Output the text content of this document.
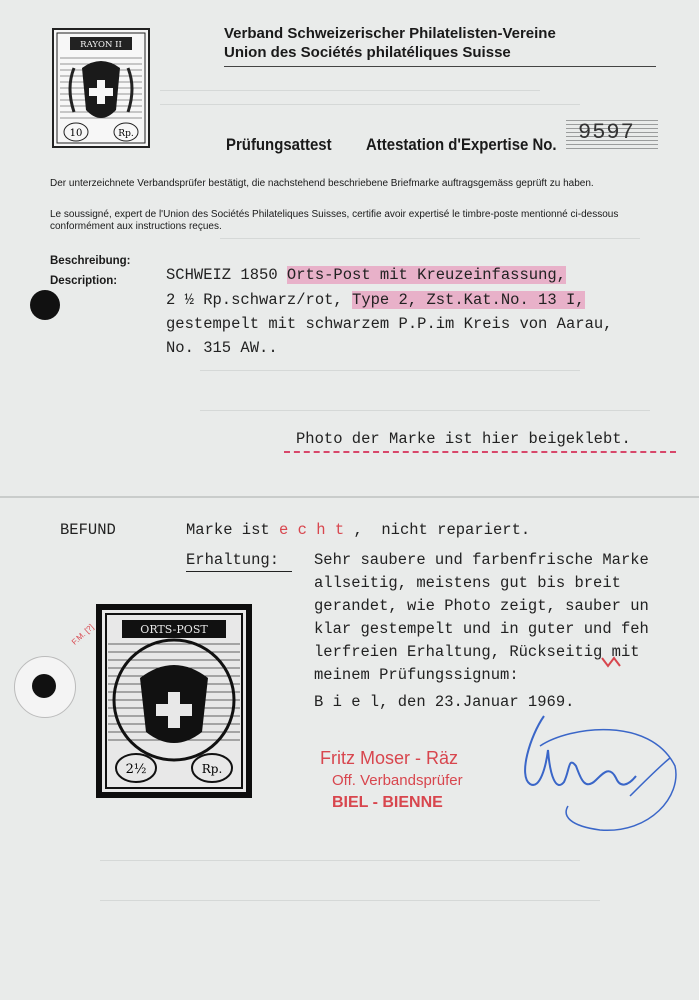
RAYON II
10	Rp.
Verband Schweizerischer Philatelisten-Vereine
Union des Sociétés philatéliques Suisse
Prüfungsattest Attestation d'Expertise No. 9597
Der unterzeichnete Verbandsprüfer bestätigt, die nachstehend beschriebene Briefmarke auftragsgemäss geprüft zu haben.
Le soussigné, expert de l'Union des Sociétés Philateliques Suisses, certifie avoir expertisé le timbre-poste mentionné ci-dessous conformément aux instructions reçues.
Beschreibung:
Description:	SCHWEIZ 1850 Orts-Post mit Kreuzeinfassung,
2 ½ Rp.schwarz/rot, Type 2, Zst.Kat.No. 13 I,
gestempelt mit schwarzem P.P.im Kreis von Aarau,
No. 315 AW..
Photo der Marke ist hier beigeklebt.
BEFUND	Marke ist e c h t ,  nicht repariert.
Erhaltung: Sehr saubere und farbenfrische Marke
allseitig, meistens gut bis breit
gerandet, wie Photo zeigt, sauber un
klar gestempelt und in guter und feh
lerfreien Erhaltung, Rückseitig mit
meinem Prüfungssignum:
B i e l, den 23.Januar 1969.
ORTS-POST
2½	Rp.
F.M. [?]
Fritz Moser - Räz
Off. Verbandsprüfer
BIEL - BIENNE
